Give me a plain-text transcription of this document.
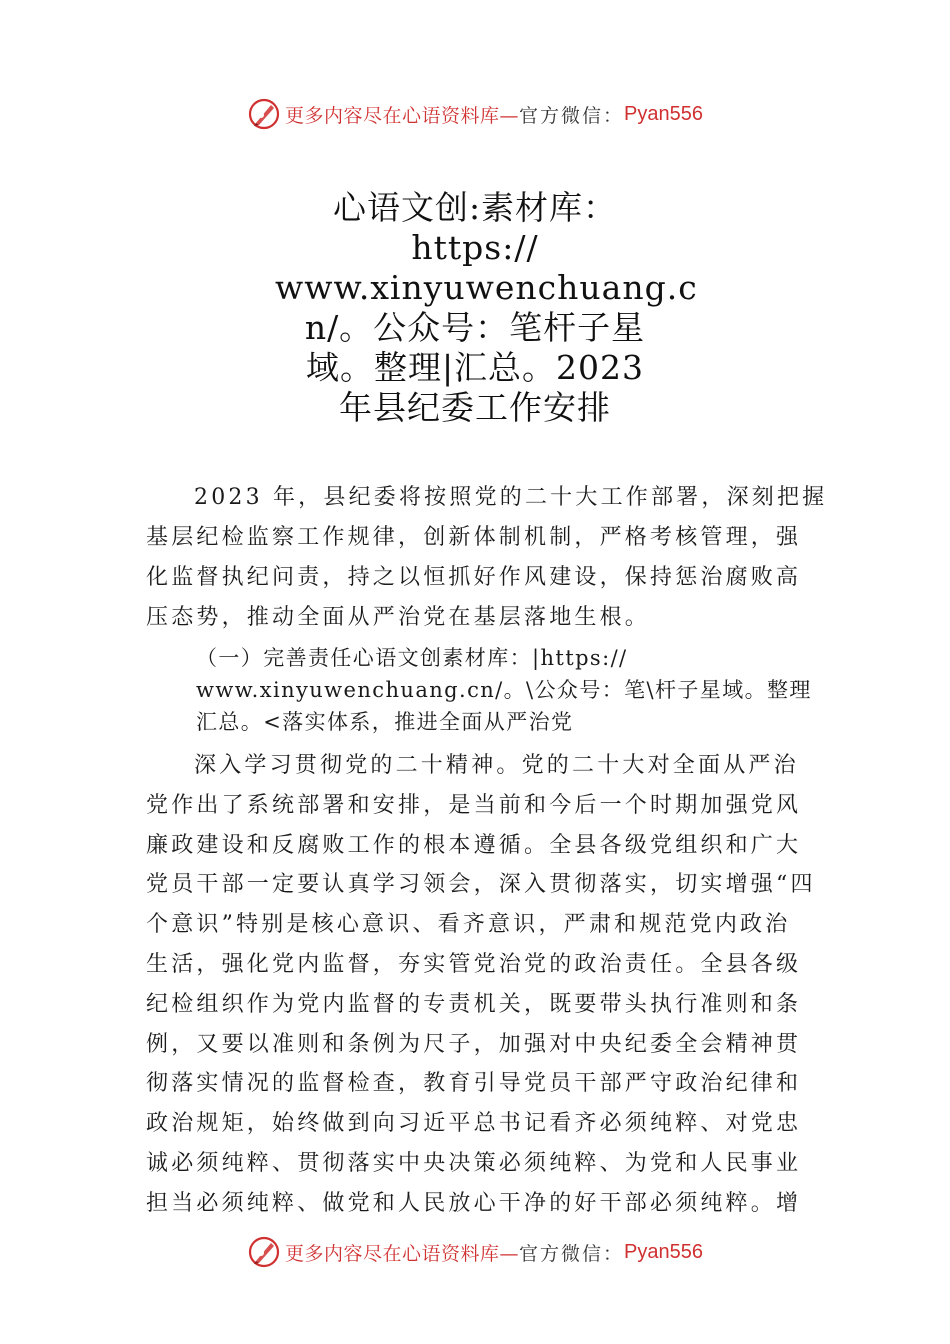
更多内容尽在心语资料库— 官方微信： Pyan556
心语文创:素材库：
https://
www.xinyuwenchuang.c
n/。公众号：笔杆子星
域。整理|汇总。2023
年县纪委工作安排
2023 年，县纪委将按照党的二十大工作部署，深刻把握
基层纪检监察工作规律，创新体制机制，严格考核管理，强
化监督执纪问责，持之以恒抓好作风建设，保持惩治腐败高
压态势，推动全面从严治党在基层落地生根。
（一）完善责任心语文创素材库：|https://
www.xinyuwenchuang.cn/。\公众号：笔\杆子星域。整理
汇总。<落实体系，推进全面从严治党
深入学习贯彻党的二十精神。党的二十大对全面从严治
党作出了系统部署和安排，是当前和今后一个时期加强党风
廉政建设和反腐败工作的根本遵循。全县各级党组织和广大
党员干部一定要认真学习领会，深入贯彻落实，切实增强“四
个意识”特别是核心意识、看齐意识，严肃和规范党内政治
生活，强化党内监督，夯实管党治党的政治责任。全县各级
纪检组织作为党内监督的专责机关，既要带头执行准则和条
例，又要以准则和条例为尺子，加强对中央纪委全会精神贯
彻落实情况的监督检查，教育引导党员干部严守政治纪律和
政治规矩，始终做到向习近平总书记看齐必须纯粹、对党忠
诚必须纯粹、贯彻落实中央决策必须纯粹、为党和人民事业
担当必须纯粹、做党和人民放心干净的好干部必须纯粹。增
更多内容尽在心语资料库— 官方微信： Pyan556
